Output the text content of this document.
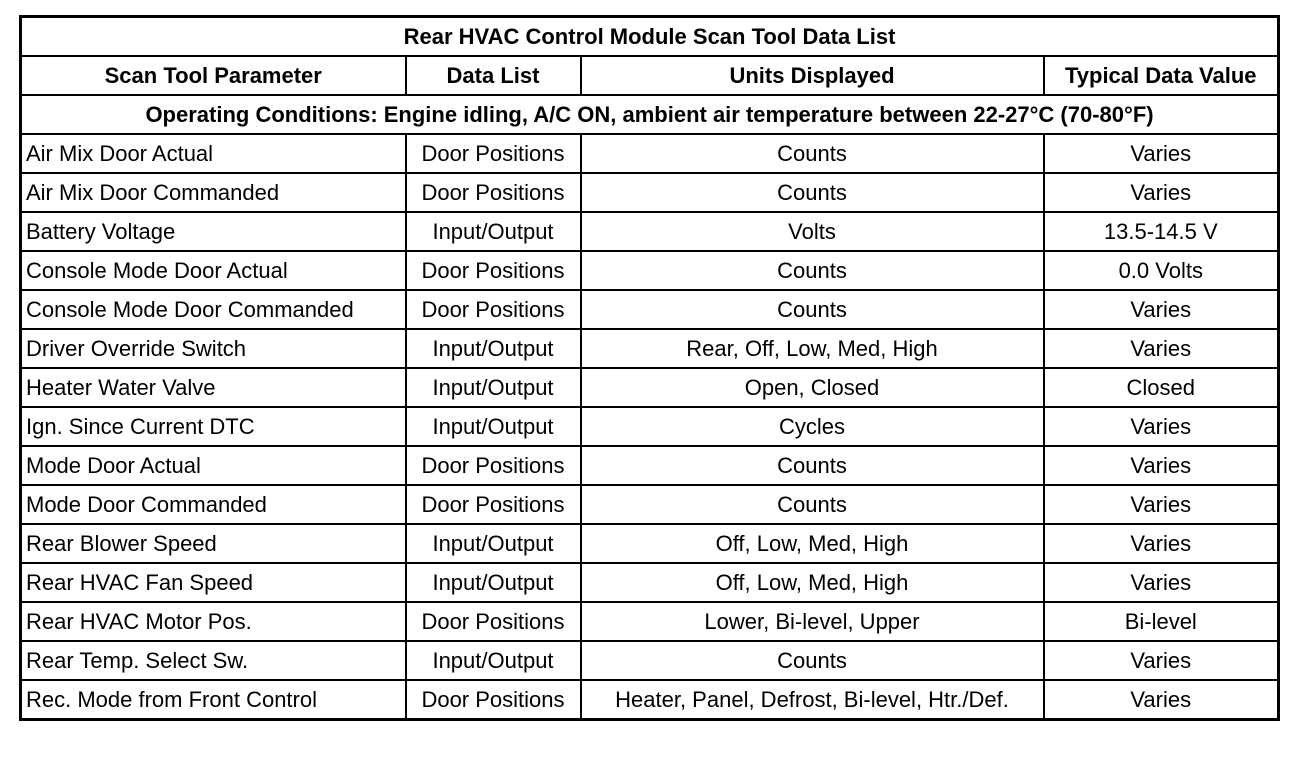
Rear HVAC Control Module Scan Tool Data List			
Scan Tool Parameter	Data List	Units Displayed	Typical Data Value
Operating Conditions: Engine idling, A/C ON, ambient air temperature between 22-27°C (70-80°F)			
Air Mix Door Actual	Door Positions	Counts	Varies
Air Mix Door Commanded	Door Positions	Counts	Varies
Battery Voltage	Input/Output	Volts	13.5-14.5 V
Console Mode Door Actual	Door Positions	Counts	0.0 Volts
Console Mode Door Commanded	Door Positions	Counts	Varies
Driver Override Switch	Input/Output	Rear, Off, Low, Med, High	Varies
Heater Water Valve	Input/Output	Open, Closed	Closed
Ign. Since Current DTC	Input/Output	Cycles	Varies
Mode Door Actual	Door Positions	Counts	Varies
Mode Door Commanded	Door Positions	Counts	Varies
Rear Blower Speed	Input/Output	Off, Low, Med, High	Varies
Rear HVAC Fan Speed	Input/Output	Off, Low, Med, High	Varies
Rear HVAC Motor Pos.	Door Positions	Lower, Bi-level, Upper	Bi-level
Rear Temp. Select Sw.	Input/Output	Counts	Varies
Rec. Mode from Front Control	Door Positions	Heater, Panel, Defrost, Bi-level, Htr./Def.	Varies
